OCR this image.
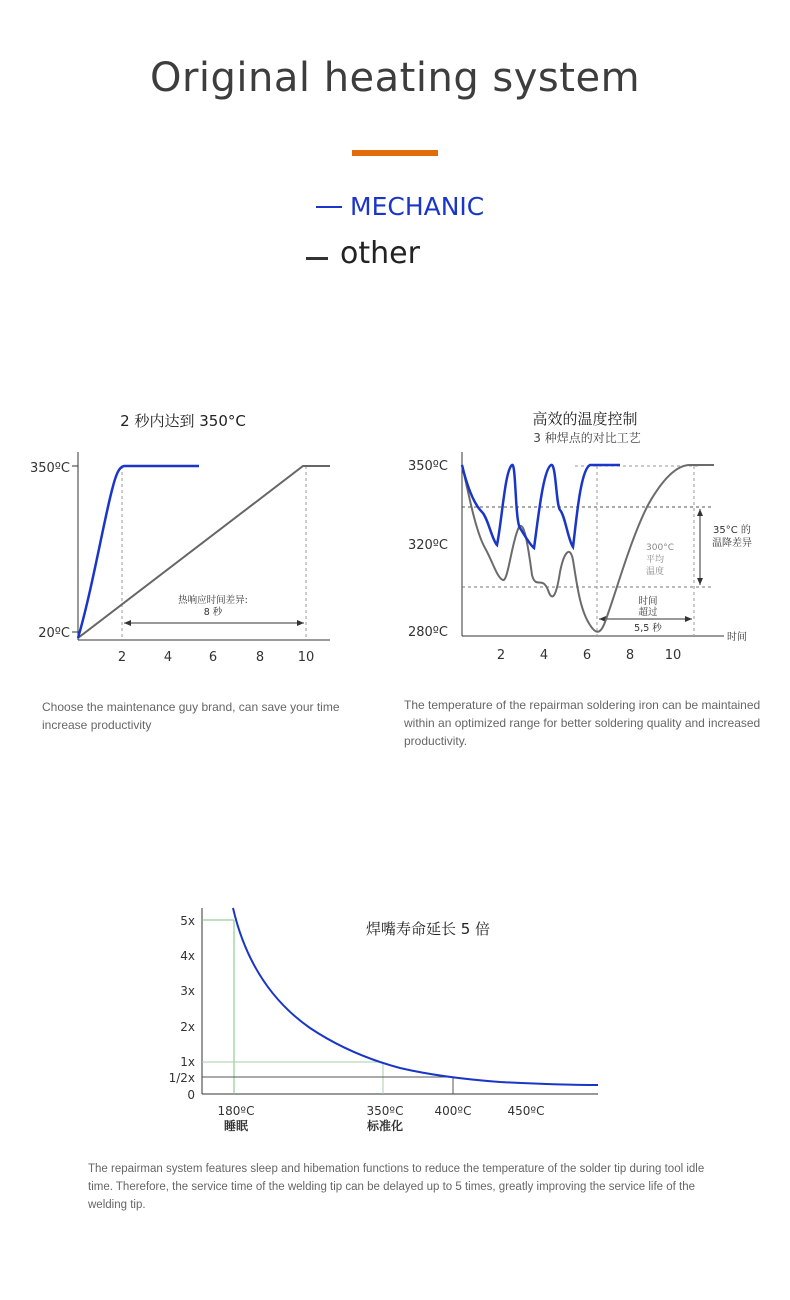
Original heating system
MECHANIC
other
2 秒内达到 350°C
350ºC
20ºC
2	4	6	8	10
热响应时间差异:
8 秒
高效的温度控制
3 种焊点的对比工艺
350ºC
320ºC
280ºC
2	4	6	8 10
时间
35°C 的
温降差异
300°C
平均
温度
时间
超过
5,5 秒
焊嘴寿命延长 5 倍
5x
4x
3x
2x
1x
1/2x
0
180ºC
睡眠
350ºC
标准化
400ºC	450ºC
Choose the maintenance guy brand, can save your time increase productivity
The temperature of the repairman soldering iron can be maintained within an optimized range for better soldering quality and increased productivity.
The repairman system features sleep and hibemation functions to reduce the temperature of the solder tip during tool idle time. Therefore, the service time of the welding tip can be delayed up to 5 times, greatly improving the service life of the welding tip.
